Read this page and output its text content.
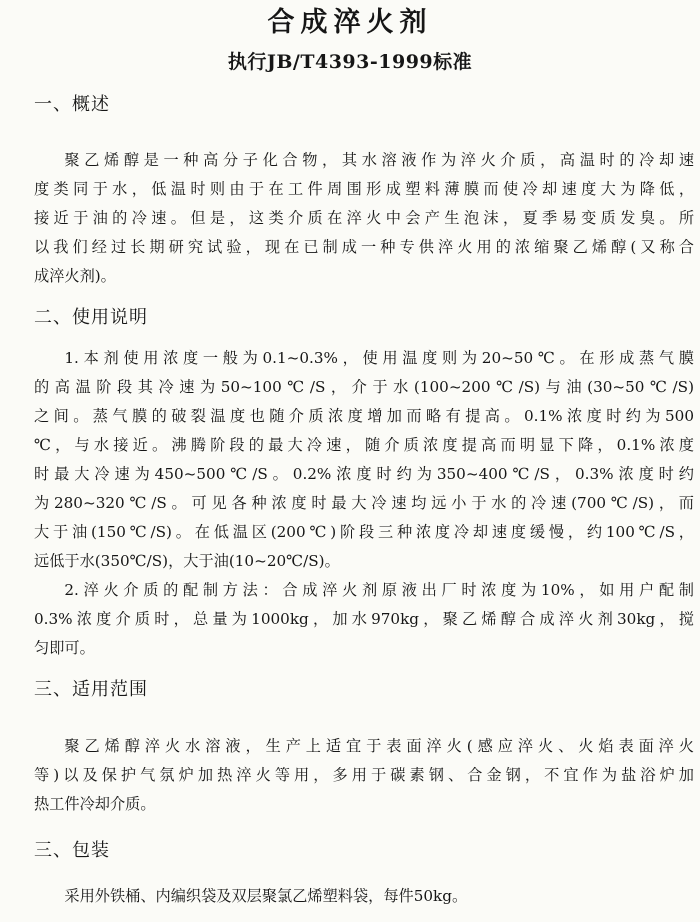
合成淬火剂
执行JB/T4393-1999标准
一、概述
聚乙烯醇是一种高分子化合物，其水溶液作为淬火介质，高温时的冷却速
度类同于水，低温时则由于在工件周围形成塑料薄膜而使冷却速度大为降低，
接近于油的冷速。但是，这类介质在淬火中会产生泡沫，夏季易变质发臭。所
以我们经过长期研究试验，现在已制成一种专供淬火用的浓缩聚乙烯醇(又称合
成淬火剂)。
二、使用说明
1.本剂使用浓度一般为0.1~0.3%，使用温度则为20~50℃。在形成蒸气膜
的高温阶段其冷速为50~100℃/S，介于水(100~200℃/S)与油(30~50℃/S)
之间。蒸气膜的破裂温度也随介质浓度增加而略有提高。0.1%浓度时约为500
℃，与水接近。沸腾阶段的最大冷速，随介质浓度提高而明显下降，0.1%浓度
时最大冷速为450~500℃/S。0.2%浓度时约为350~400℃/S，0.3%浓度时约
为280~320℃/S。可见各种浓度时最大冷速均远小于水的冷速(700℃/S)，而
大于油(150℃/S)。在低温区(200℃)阶段三种浓度冷却速度缓慢，约100℃/S，
远低于水(350℃/S)，大于油(10~20℃/S)。
2.淬火介质的配制方法：合成淬火剂原液出厂时浓度为10%，如用户配制
0.3%浓度介质时，总量为1000kg，加水970kg，聚乙烯醇合成淬火剂30kg，搅
匀即可。
三、适用范围
聚乙烯醇淬火水溶液，生产上适宜于表面淬火(感应淬火、火焰表面淬火
等)以及保护气氛炉加热淬火等用，多用于碳素钢、合金钢，不宜作为盐浴炉加
热工件冷却介质。
三、包装
采用外铁桶、内编织袋及双层聚氯乙烯塑料袋，每件50kg。
